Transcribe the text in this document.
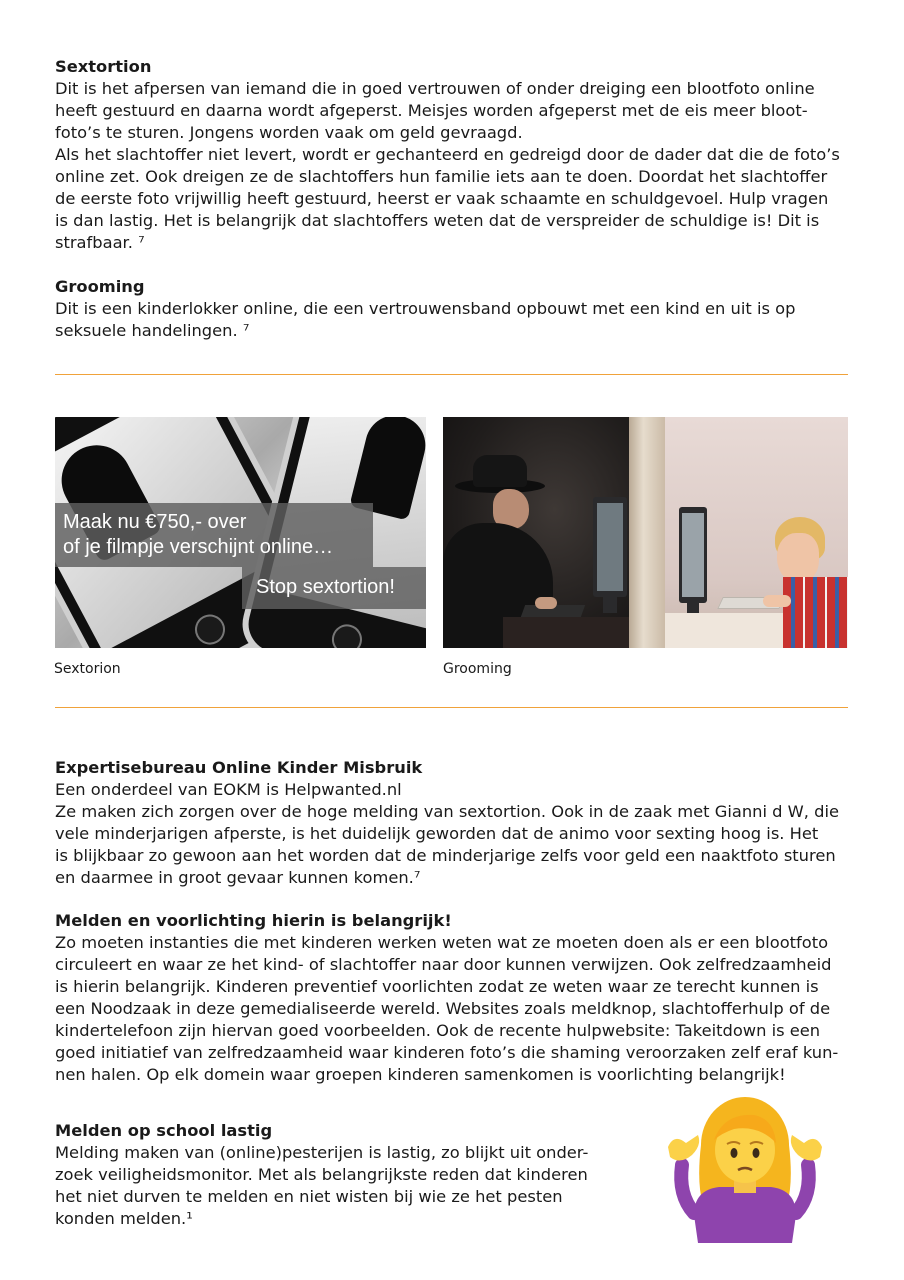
Sextortion

Dit is het afpersen van iemand die in goed vertrouwen of onder dreiging een blootfoto online
heeft gestuurd en daarna wordt afgeperst. Meisjes worden afgeperst met de eis meer bloot-
foto’s te sturen. Jongens worden vaak om geld gevraagd.
Als het slachtoffer niet levert, wordt er gechanteerd en gedreigd door de dader dat die de foto’s
online zet. Ook dreigen ze de slachtoffers hun familie iets aan te doen. Doordat het slachtoffer
de eerste foto vrijwillig heeft gestuurd, heerst er vaak schaamte en schuldgevoel. Hulp vragen
is dan lastig. Het is belangrijk dat slachtoffers weten dat de verspreider de schuldige is! Dit is
strafbaar. ⁷

Grooming

Dit is een kinderlokker online, die een vertrouwensband opbouwt met een kind en uit is op
seksuele handelingen. ⁷

Maak nu €750,- over
of je filmpje verschijnt online…
Stop sextortion!
Sextorion	Grooming
Expertisebureau Online Kinder Misbruik

Een onderdeel van EOKM is Helpwanted.nl
Ze maken zich zorgen over de hoge melding van sextortion. Ook in de zaak met Gianni d W, die
vele minderjarigen afperste, is het duidelijk geworden dat de animo voor sexting hoog is. Het
is blijkbaar zo gewoon aan het worden dat de minderjarige zelfs voor geld een naaktfoto sturen
en daarmee in groot gevaar kunnen komen.⁷

Melden en voorlichting hierin is belangrijk!

Zo moeten instanties die met kinderen werken weten wat ze moeten doen als er een blootfoto
circuleert en waar ze het kind- of slachtoffer naar door kunnen verwijzen. Ook zelfredzaamheid
is hierin belangrijk. Kinderen preventief voorlichten zodat ze weten waar ze terecht kunnen is
een Noodzaak in deze gemedialiseerde wereld. Websites zoals meldknop, slachtofferhulp of de
kindertelefoon zijn hiervan goed voorbeelden. Ook de recente hulpwebsite: Takeitdown is een
goed initiatief van zelfredzaamheid waar kinderen foto’s die shaming veroorzaken zelf eraf kun-
nen halen. Op elk domein waar groepen kinderen samenkomen is voorlichting belangrijk!

Melden op school lastig

Melding maken van (online)pesterijen is lastig, zo blijkt uit onder-
zoek veiligheidsmonitor. Met als belangrijkste reden dat kinderen
het niet durven te melden en niet wisten bij wie ze het pesten
konden melden.¹
